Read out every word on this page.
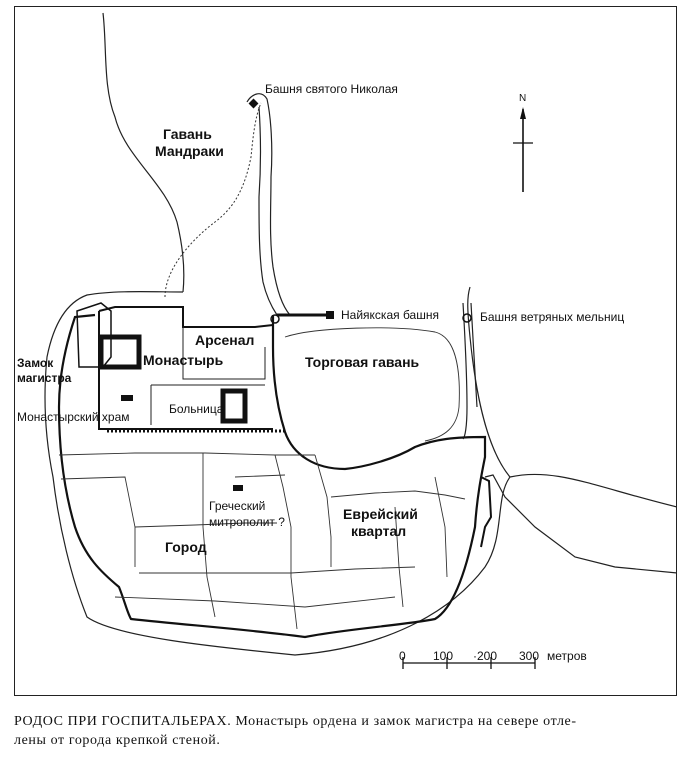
N
0 100 ·200 300 метров
Башня святого Николая
Гавань
Мандраки
Найякская башня	Башня ветряных мельниц
Арсенал
Монастырь
Замок
магистра
Торговая гавань
Монастырский храм
Больница
Греческий
митрополит ?	Еврейский
квартал
Город
РОДОС ПРИ ГОСПИТАЛЬЕРАХ. Монастырь ордена и замок магистра на севере отле-
лены от города крепкой стеной.
